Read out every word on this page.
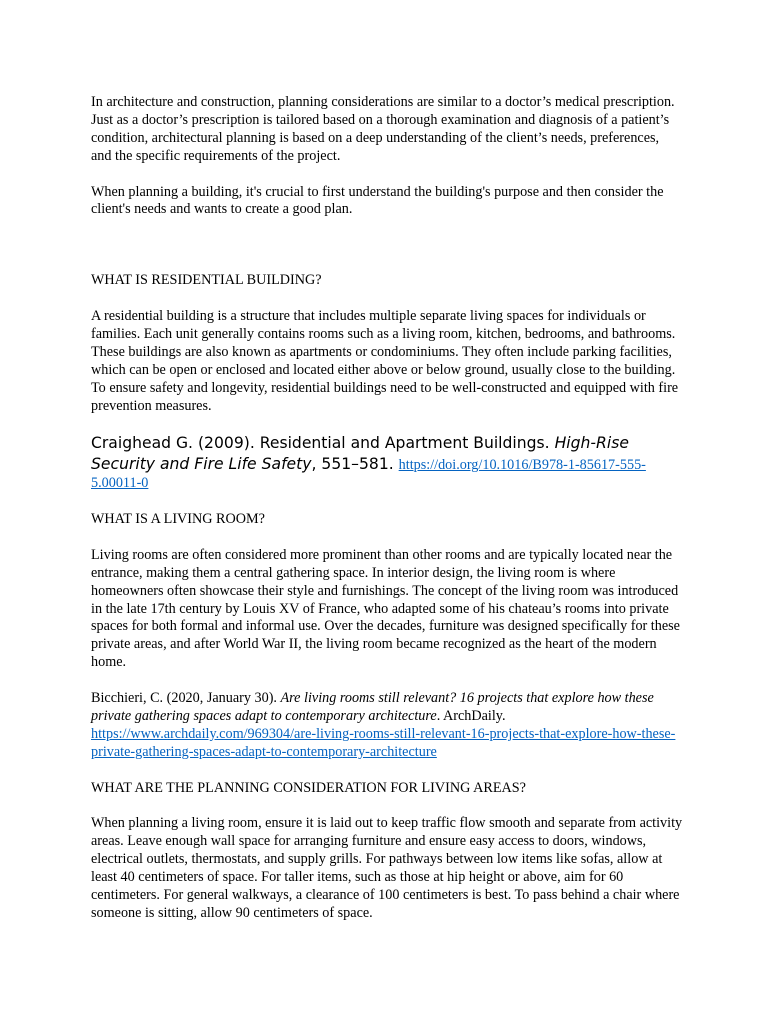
In architecture and construction, planning considerations are similar to a doctor’s medical prescription. Just as a doctor’s prescription is tailored based on a thorough examination and diagnosis of a patient’s condition, architectural planning is based on a deep understanding of the client’s needs, preferences, and the specific requirements of the project.

When planning a building, it's crucial to first understand the building's purpose and then consider the client's needs and wants to create a good plan.

WHAT IS RESIDENTIAL BUILDING?

A residential building is a structure that includes multiple separate living spaces for individuals or families. Each unit generally contains rooms such as a living room, kitchen, bedrooms, and bathrooms. These buildings are also known as apartments or condominiums. They often include parking facilities, which can be open or enclosed and located either above or below ground, usually close to the building. To ensure safety and longevity, residential buildings need to be well-constructed and equipped with fire prevention measures.

Craighead G. (2009). Residential and Apartment Buildings. High-Rise Security and Fire Life Safety, 551–581. https://doi.org/10.1016/B978-1-85617-555-5.00011-0

WHAT IS A LIVING ROOM?

Living rooms are often considered more prominent than other rooms and are typically located near the entrance, making them a central gathering space. In interior design, the living room is where homeowners often showcase their style and furnishings. The concept of the living room was introduced in the late 17th century by Louis XV of France, who adapted some of his chateau’s rooms into private spaces for both formal and informal use. Over the decades, furniture was designed specifically for these private areas, and after World War II, the living room became recognized as the heart of the modern home.

Bicchieri, C. (2020, January 30). Are living rooms still relevant? 16 projects that explore how these private gathering spaces adapt to contemporary architecture. ArchDaily. https://www.archdaily.com/969304/are-living-rooms-still-relevant-16-projects-that-explore-how-these-private-gathering-spaces-adapt-to-contemporary-architecture

WHAT ARE THE PLANNING CONSIDERATION FOR LIVING AREAS?

When planning a living room, ensure it is laid out to keep traffic flow smooth and separate from activity areas. Leave enough wall space for arranging furniture and ensure easy access to doors, windows, electrical outlets, thermostats, and supply grills. For pathways between low items like sofas, allow at least 40 centimeters of space. For taller items, such as those at hip height or above, aim for 60 centimeters. For general walkways, a clearance of 100 centimeters is best. To pass behind a chair where someone is sitting, allow 90 centimeters of space.
